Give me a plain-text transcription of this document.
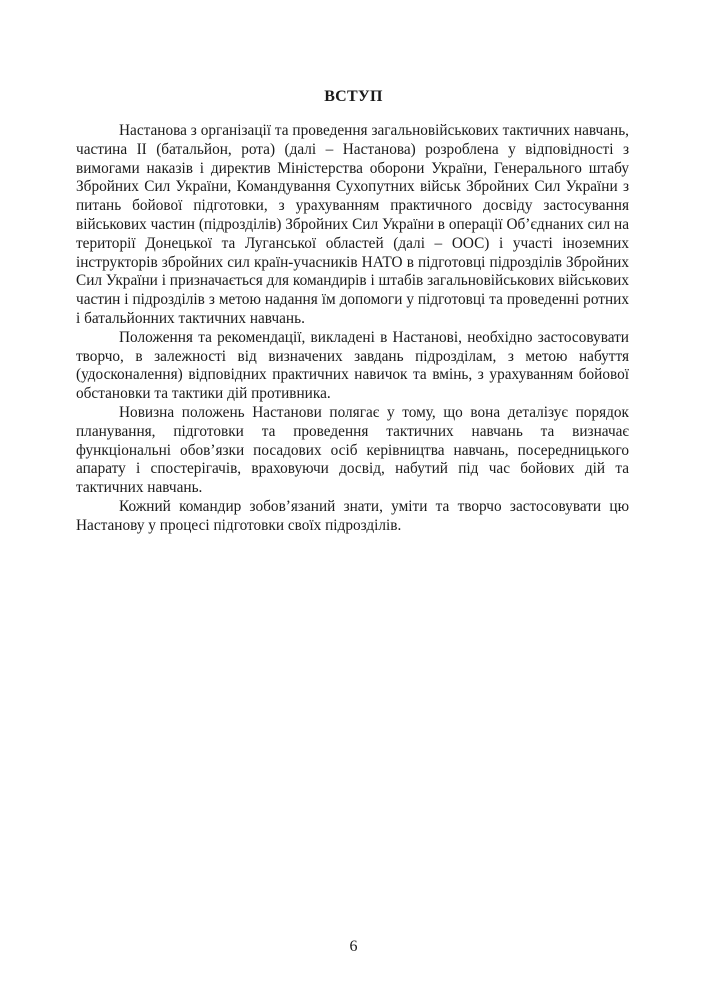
ВСТУП

Настанова з організації та проведення загальновійськових тактичних навчань, частина ІІ (батальйон, рота) (далі – Настанова) розроблена у відповідності з вимогами наказів і директив Міністерства оборони України, Генерального штабу Збройних Сил України, Командування Сухопутних військ Збройних Сил України з питань бойової підготовки, з урахуванням практичного досвіду застосування військових частин (підрозділів) Збройних Сил України в операції Об’єднаних сил на території Донецької та Луганської областей (далі – ООС) і участі іноземних інструкторів збройних сил країн-учасників НАТО в підготовці підрозділів Збройних Сил України і призначається для командирів і штабів загальновійськових військових частин і підрозділів з метою надання їм допомоги у підготовці та проведенні ротних і батальйонних тактичних навчань.

Положення та рекомендації, викладені в Настанові, необхідно застосовувати творчо, в залежності від визначених завдань підрозділам, з метою набуття (удосконалення) відповідних практичних навичок та вмінь, з урахуванням бойової обстановки та тактики дій противника.

Новизна положень Настанови полягає у тому, що вона деталізує порядок планування, підготовки та проведення тактичних навчань та визначає функціональні обов’язки посадових осіб керівництва навчань, посередницького апарату і спостерігачів, враховуючи досвід, набутий під час бойових дій та тактичних навчань.

Кожний командир зобов’язаний знати, уміти та творчо застосовувати цю Настанову у процесі підготовки своїх підрозділів.

6
